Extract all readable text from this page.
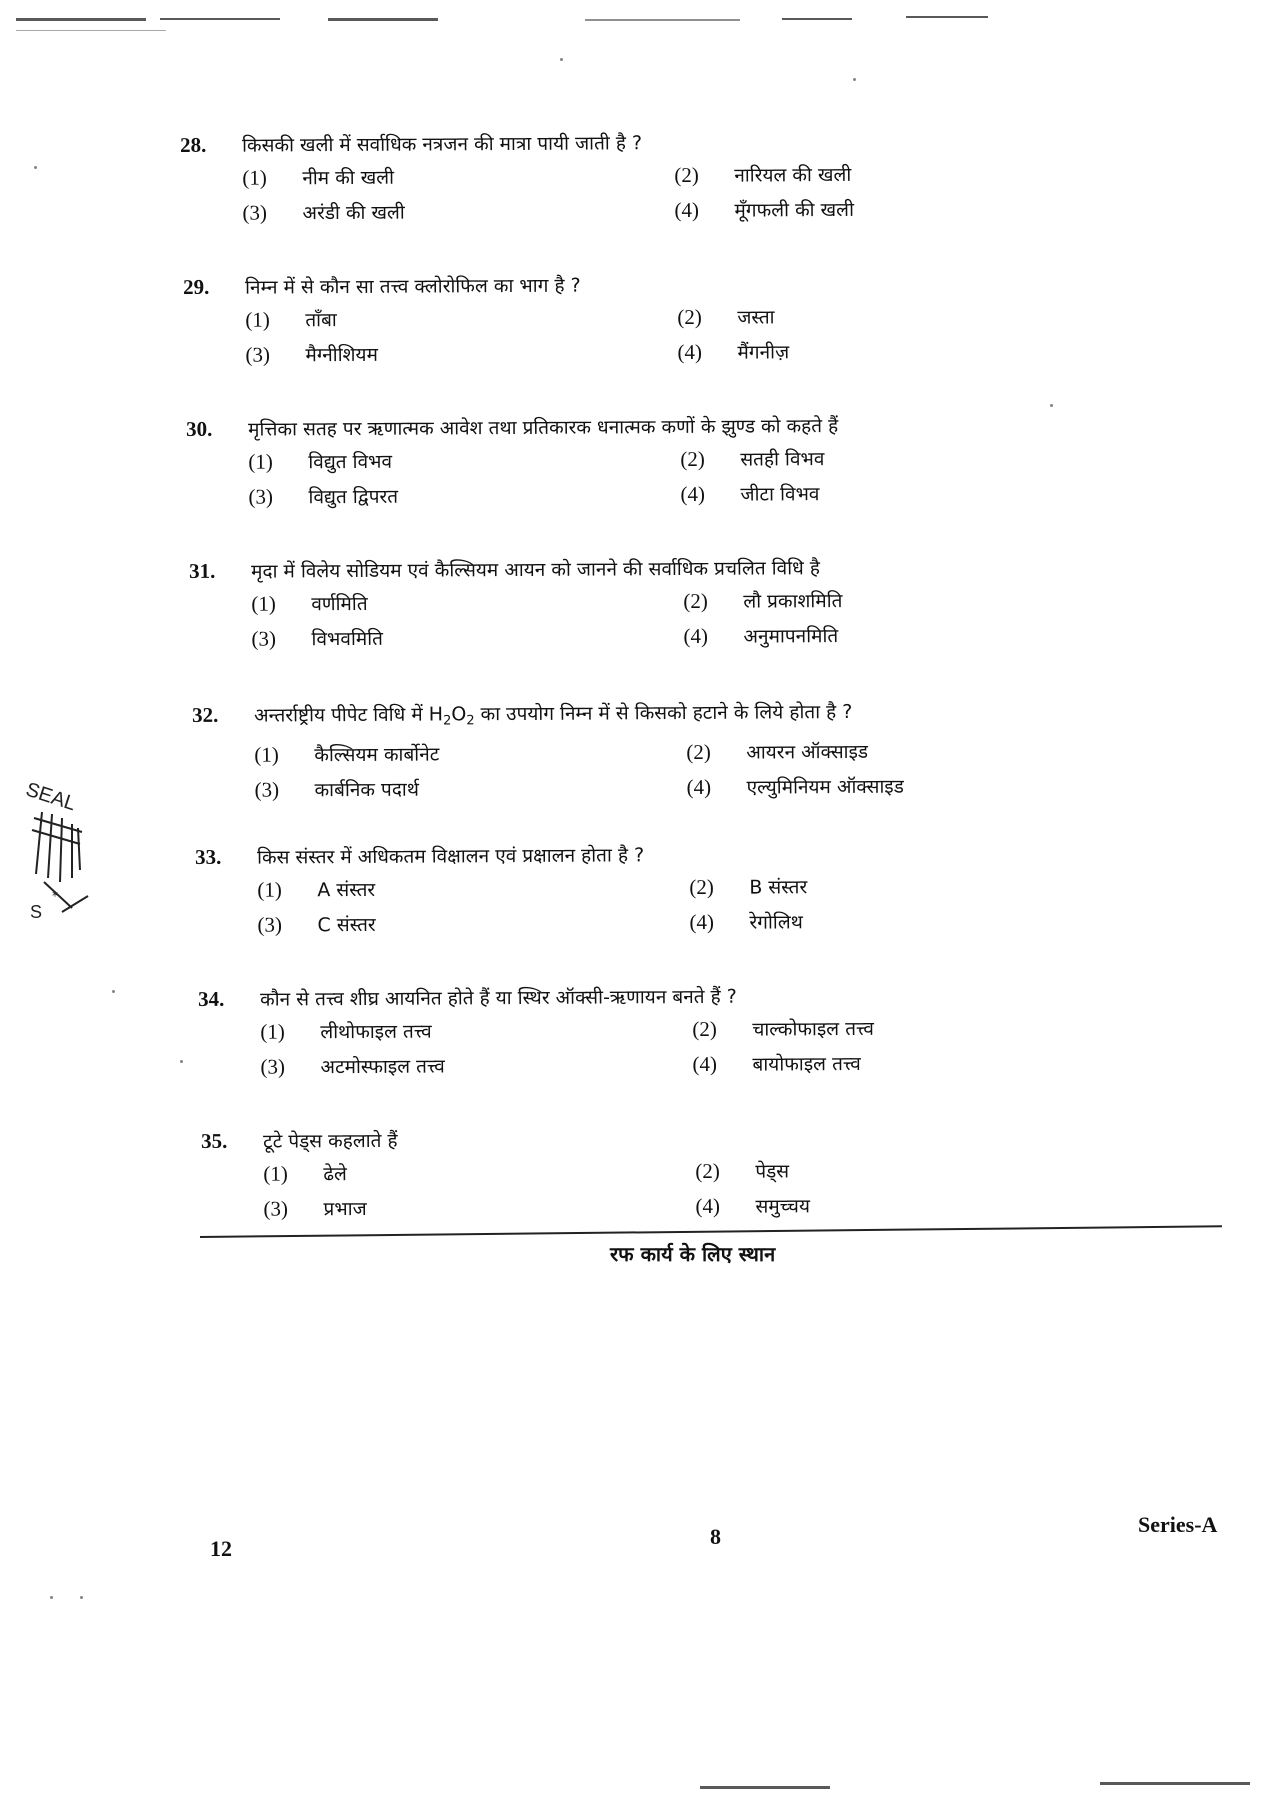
SEAL
*
S
28.	किसकी खली में सर्वाधिक नत्रजन की मात्रा पायी जाती है ?
(1)	नीम की खली	(2)	नारियल की खली
(3)	अरंडी की खली	(4)	मूँगफली की खली
29.	निम्न में से कौन सा तत्त्व क्लोरोफिल का भाग है ?
(1)	ताँबा	(2)	जस्ता
(3)	मैग्नीशियम	(4)	मैंगनीज़
30.	मृत्तिका सतह पर ऋणात्मक आवेश तथा प्रतिकारक धनात्मक कणों के झुण्ड को कहते हैं
(1)	विद्युत विभव	(2)	सतही विभव
(3)	विद्युत द्विपरत	(4)	जीटा विभव
31.	मृदा में विलेय सोडियम एवं कैल्सियम आयन को जानने की सर्वाधिक प्रचलित विधि है
(1)	वर्णमिति	(2)	लौ प्रकाशमिति
(3)	विभवमिति	(4)	अनुमापनमिति
32.	अन्तर्राष्ट्रीय पीपेट विधि में $H_2O_2$ का उपयोग निम्न में से किसको हटाने के लिये होता है ?
(1)	कैल्सियम कार्बोनेट	(2)	आयरन ऑक्साइड
(3)	कार्बनिक पदार्थ	(4)	एल्युमिनियम ऑक्साइड
33.	किस संस्तर में अधिकतम विक्षालन एवं प्रक्षालन होता है ?
(1)	A संस्तर	(2)	B संस्तर
(3)	C संस्तर	(4)	रेगोलिथ
34.	कौन से तत्त्व शीघ्र आयनित होते हैं या स्थिर ऑक्सी-ऋणायन बनते हैं ?
(1)	लीथोफाइल तत्त्व	(2)	चाल्कोफाइल तत्त्व
(3)	अटमोस्फाइल तत्त्व	(4)	बायोफाइल तत्त्व
35.	टूटे पेड्स कहलाते हैं
(1)	ढेले	(2)	पेड्स
(3)	प्रभाज	(4)	समुच्चय
रफ कार्य के लिए स्थान
12	8	Series-A
